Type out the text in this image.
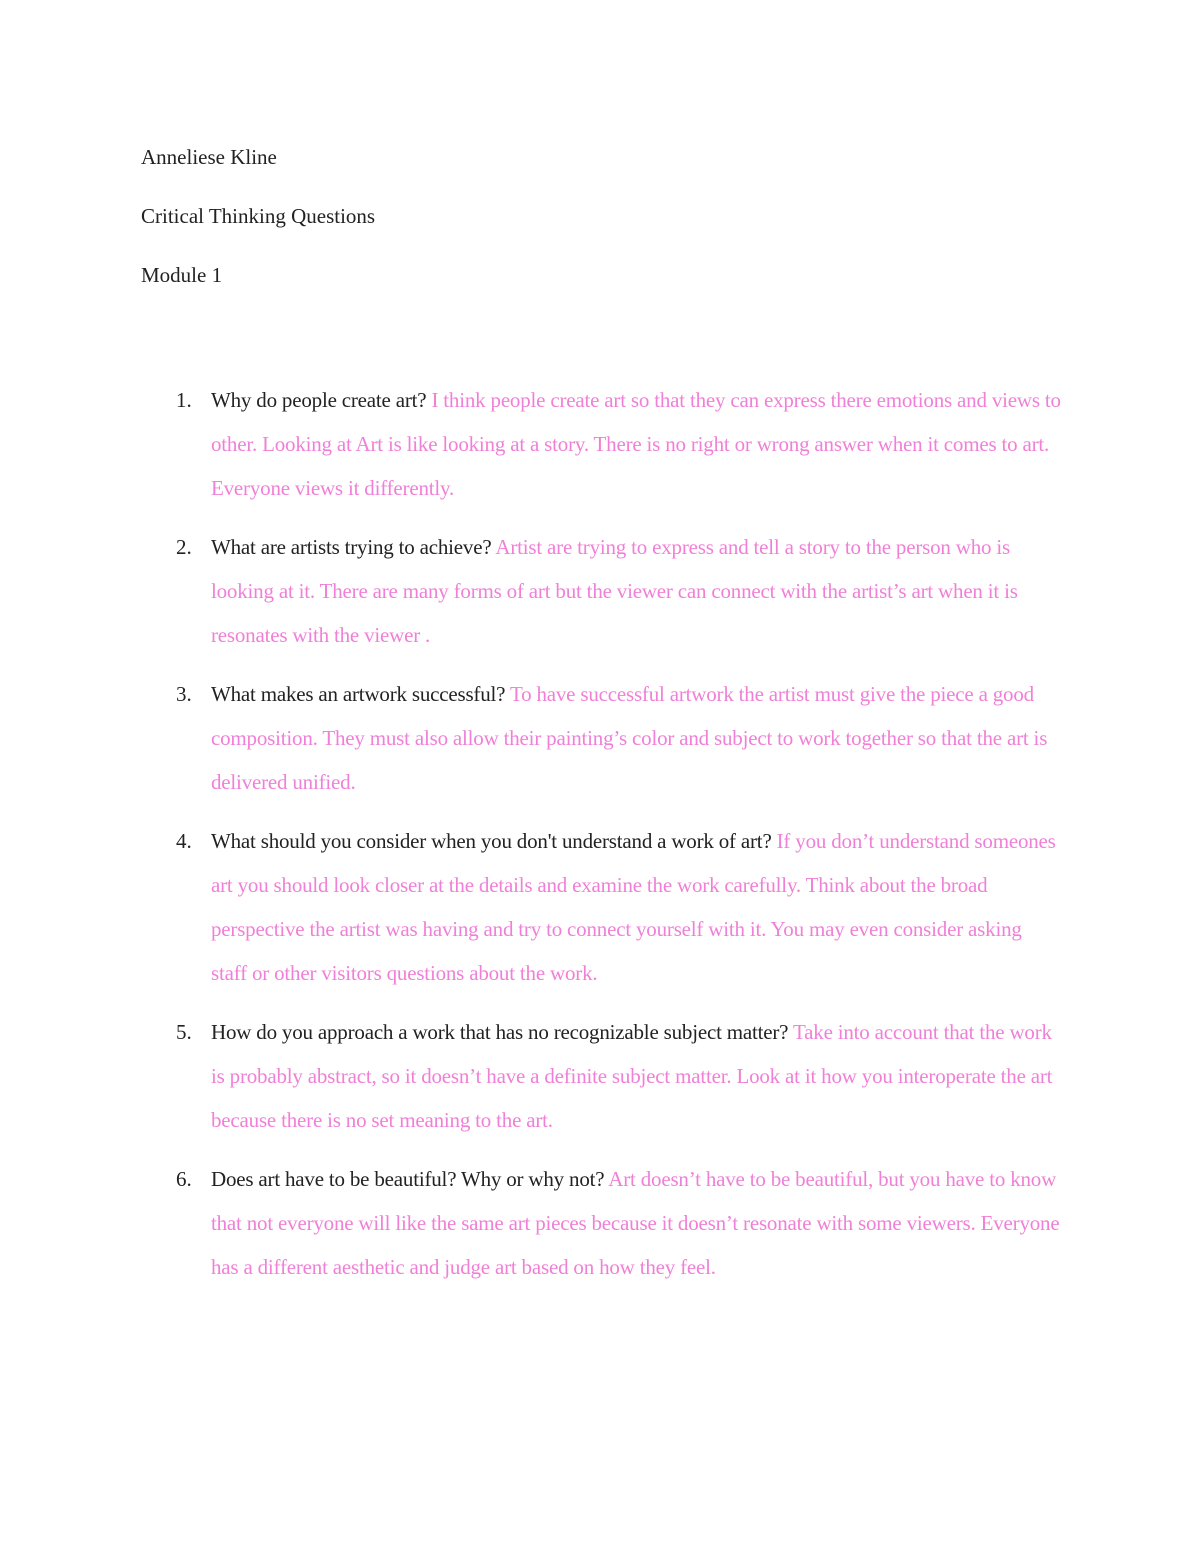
Anneliese Kline
Critical Thinking Questions
Module 1
1. Why do people create art? I think people create art so that they can express there emotions and views to other. Looking at Art is like looking at a story. There is no right or wrong answer when it comes to art. Everyone views it differently.
2. What are artists trying to achieve? Artist are trying to express and tell a story to the person who is looking at it. There are many forms of art but the viewer can connect with the artist’s art when it is resonates with the viewer .
3. What makes an artwork successful? To have successful artwork the artist must give the piece a good composition. They must also allow their painting’s color and subject to work together so that the art is delivered unified.
4. What should you consider when you don't understand a work of art? If you don’t understand someones art you should look closer at the details and examine the work carefully. Think about the broad perspective the artist was having and try to connect yourself with it. You may even consider asking staff or other visitors questions about the work.
5. How do you approach a work that has no recognizable subject matter? Take into account that the work is probably abstract, so it doesn’t have a definite subject matter. Look at it how you interoperate the art because there is no set meaning to the art.
6. Does art have to be beautiful? Why or why not? Art doesn’t have to be beautiful, but you have to know that not everyone will like the same art pieces because it doesn’t resonate with some viewers. Everyone has a different aesthetic and judge art based on how they feel.
